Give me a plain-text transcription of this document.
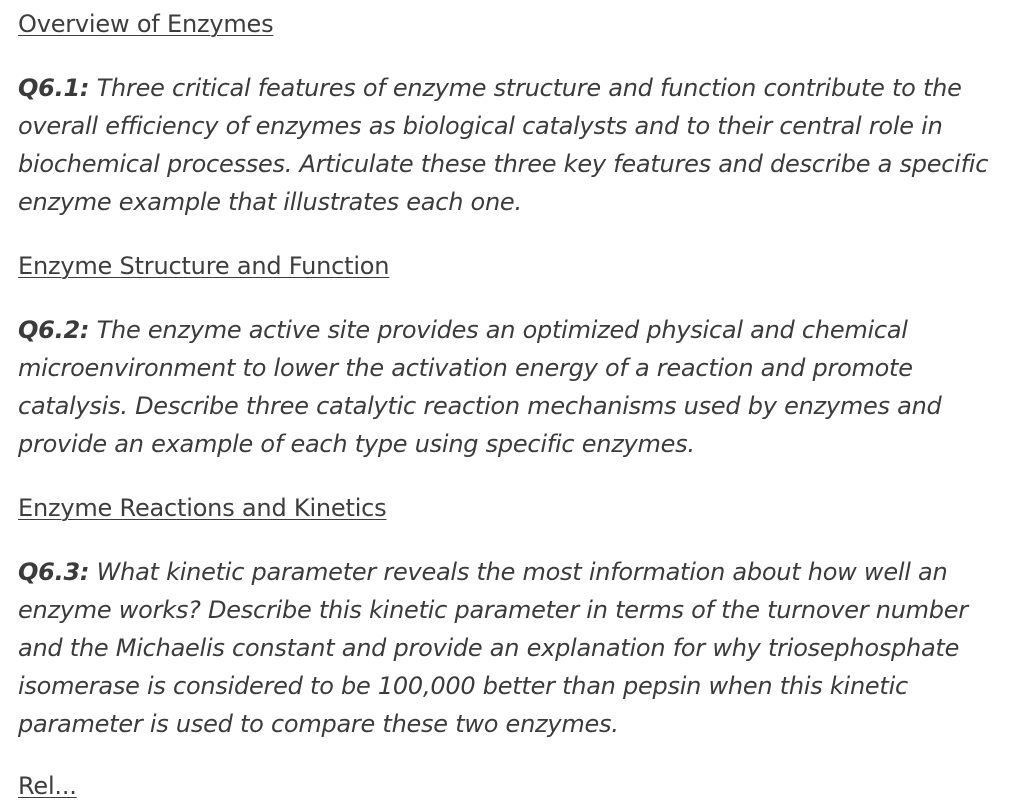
Overview of Enzymes

Q6.1: Three critical features of enzyme structure and function contribute to the overall efficiency of enzymes as biological catalysts and to their central role in biochemical processes. Articulate these three key features and describe a specific enzyme example that illustrates each one.

Enzyme Structure and Function

Q6.2: The enzyme active site provides an optimized physical and chemical microenvironment to lower the activation energy of a reaction and promote catalysis. Describe three catalytic reaction mechanisms used by enzymes and provide an example of each type using specific enzymes.

Enzyme Reactions and Kinetics

Q6.3: What kinetic parameter reveals the most information about how well an enzyme works? Describe this kinetic parameter in terms of the turnover number and the Michaelis constant and provide an explanation for why triosephosphate isomerase is considered to be 100,000 better than pepsin when this kinetic parameter is used to compare these two enzymes.

Rel...
